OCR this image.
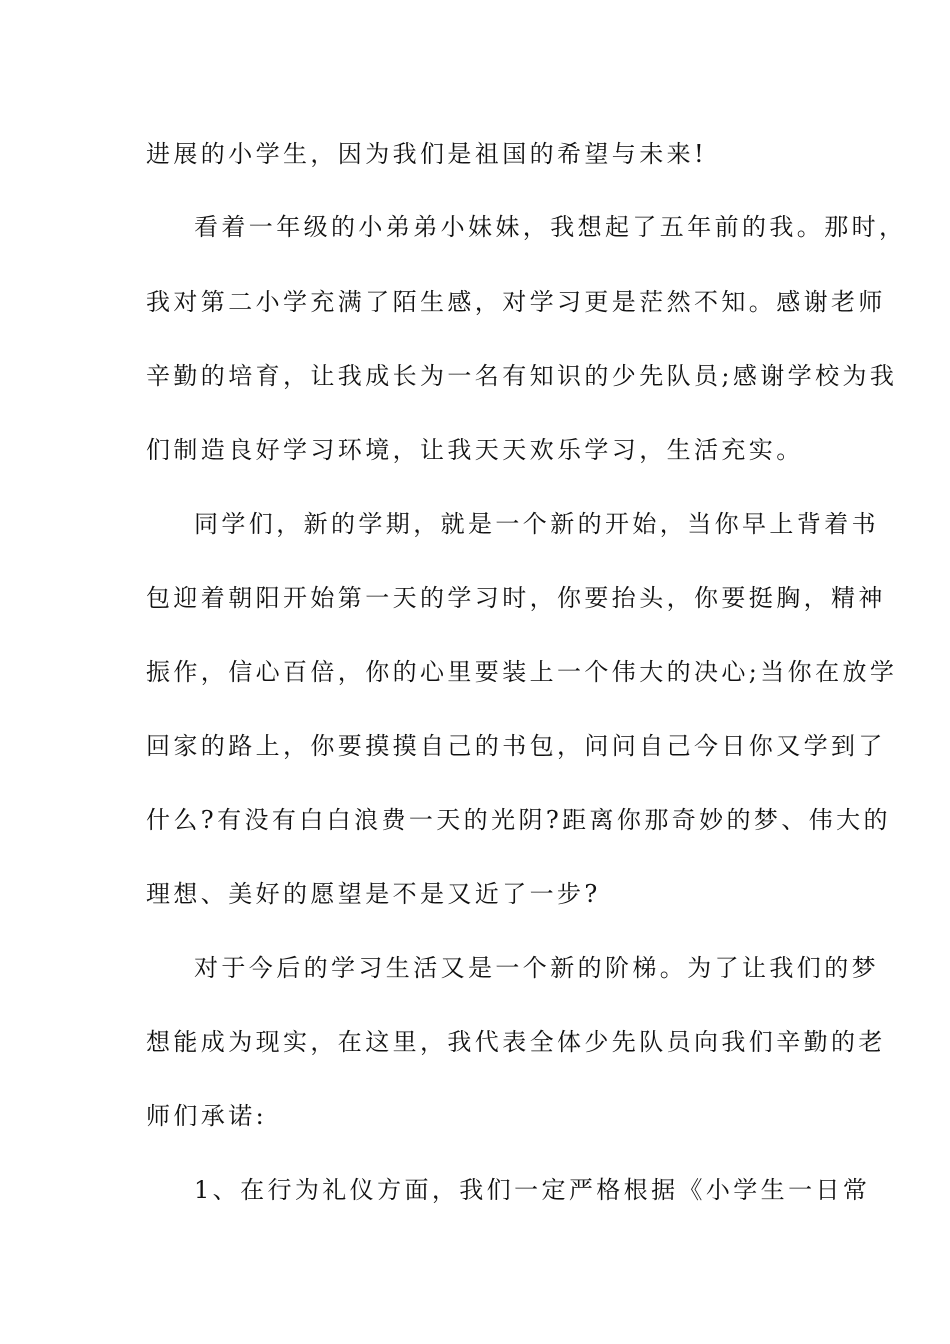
进展的小学生，因为我们是祖国的希望与未来!
看着一年级的小弟弟小妹妹，我想起了五年前的我。那时，
我对第二小学充满了陌生感，对学习更是茫然不知。感谢老师
辛勤的培育，让我成长为一名有知识的少先队员;感谢学校为我
们制造良好学习环境，让我天天欢乐学习，生活充实。
同学们，新的学期，就是一个新的开始，当你早上背着书
包迎着朝阳开始第一天的学习时，你要抬头，你要挺胸，精神
振作，信心百倍，你的心里要装上一个伟大的决心;当你在放学
回家的路上，你要摸摸自己的书包，问问自己今日你又学到了
什么?有没有白白浪费一天的光阴?距离你那奇妙的梦、伟大的
理想、美好的愿望是不是又近了一步?
对于今后的学习生活又是一个新的阶梯。为了让我们的梦
想能成为现实，在这里，我代表全体少先队员向我们辛勤的老
师们承诺:
1、在行为礼仪方面，我们一定严格根据《小学生一日常
